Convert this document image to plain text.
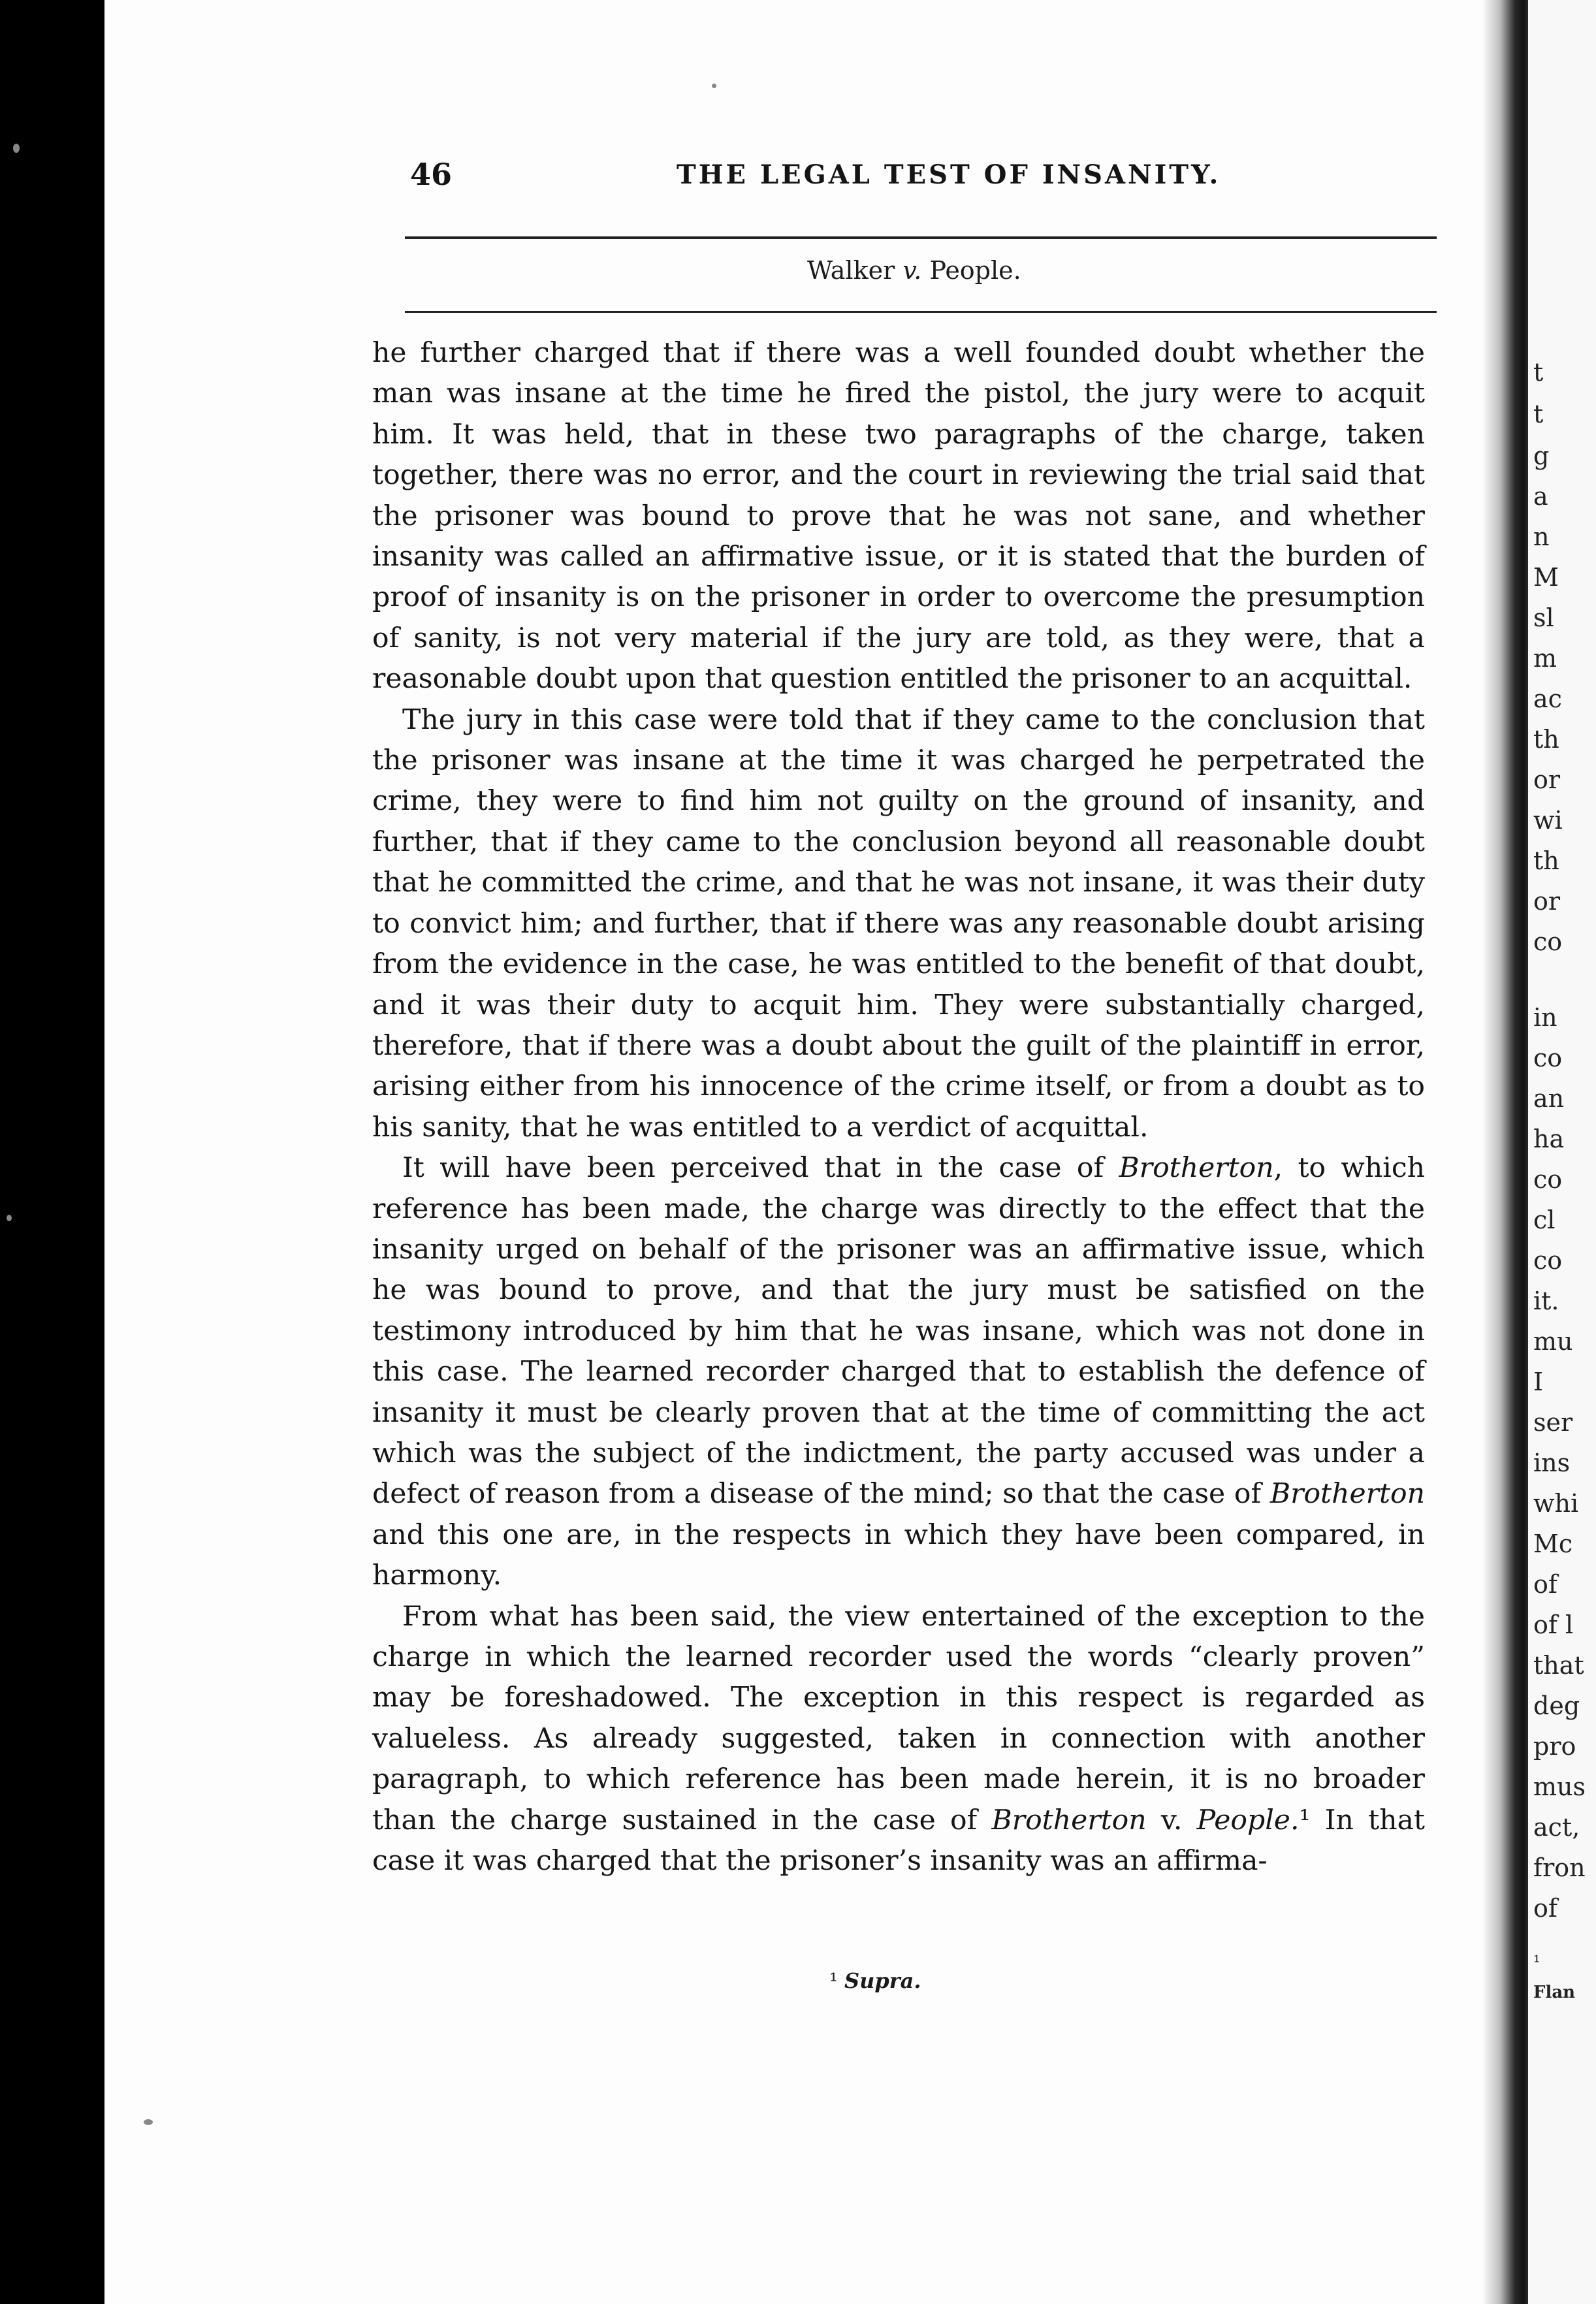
46	THE LEGAL TEST OF INSANITY.
Walker v. People.

he further charged that if there was a well founded doubt whether the man was insane at the time he fired the pistol, the jury were to acquit him. It was held, that in these two paragraphs of the charge, taken together, there was no error, and the court in reviewing the trial said that the prisoner was bound to prove that he was not sane, and whether insanity was called an affirmative issue, or it is stated that the burden of proof of insanity is on the prisoner in order to overcome the presumption of sanity, is not very material if the jury are told, as they were, that a reasonable doubt upon that question entitled the prisoner to an acquittal.

The jury in this case were told that if they came to the conclusion that the prisoner was insane at the time it was charged he perpetrated the crime, they were to find him not guilty on the ground of insanity, and further, that if they came to the conclusion beyond all reasonable doubt that he committed the crime, and that he was not insane, it was their duty to convict him; and further, that if there was any reasonable doubt arising from the evidence in the case, he was entitled to the benefit of that doubt, and it was their duty to acquit him. They were substantially charged, therefore, that if there was a doubt about the guilt of the plaintiff in error, arising either from his innocence of the crime itself, or from a doubt as to his sanity, that he was entitled to a verdict of acquittal.

It will have been perceived that in the case of Brotherton, to which reference has been made, the charge was directly to the effect that the insanity urged on behalf of the prisoner was an affirmative issue, which he was bound to prove, and that the jury must be satisfied on the testimony introduced by him that he was insane, which was not done in this case. The learned recorder charged that to establish the defence of insanity it must be clearly proven that at the time of committing the act which was the subject of the indictment, the party accused was under a defect of reason from a disease of the mind; so that the case of Brotherton and this one are, in the respects in which they have been compared, in harmony.

From what has been said, the view entertained of the exception to the charge in which the learned recorder used the words “clearly proven” may be foreshadowed. The exception in this respect is regarded as valueless. As already suggested, taken in connection with another paragraph, to which reference has been made herein, it is no broader than the charge sustained in the case of Brotherton v. People.¹ In that case it was charged that the prisoner’s insanity was an affirma-

¹ Supra.
t
t
g
a
n
M
sl
m
ac
th
or
wi
th
or
co
in
co
an
ha
co
cl
co
it.
mu
I
ser
ins
whi
Mc
of
of l
that
deg
pro
mus
act,
fron
of
¹
Flan
